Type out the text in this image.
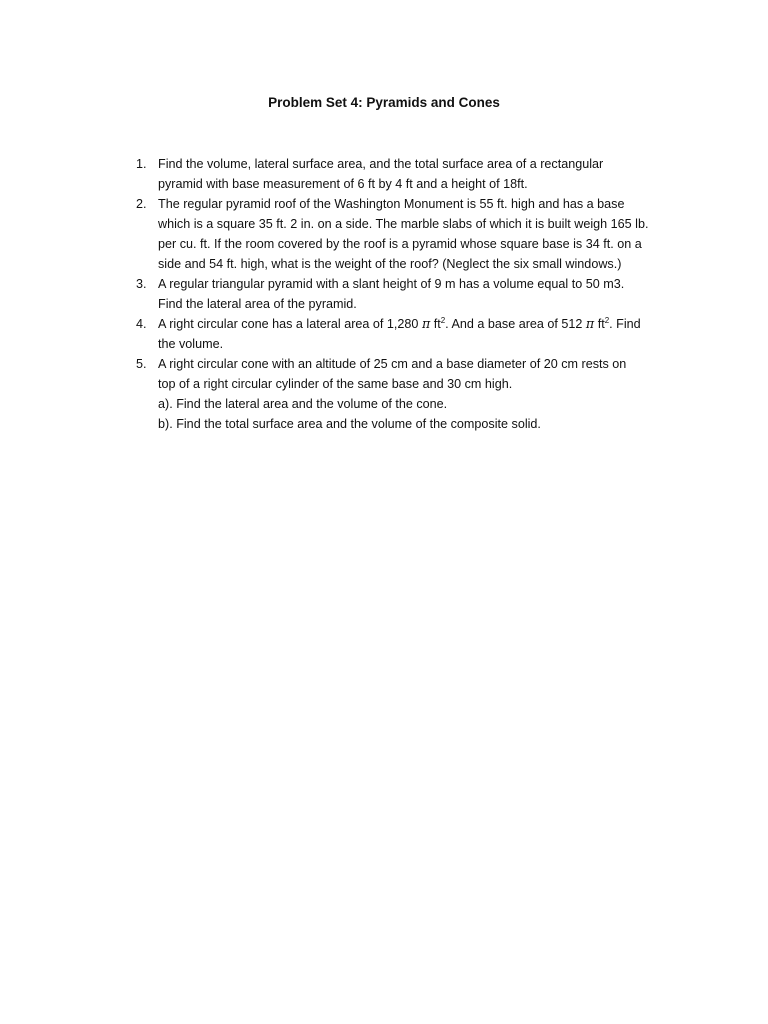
Problem Set 4: Pyramids and Cones
1. Find the volume, lateral surface area, and the total surface area of a rectangular
pyramid with base measurement of 6 ft by 4 ft and a height of 18ft.
2. The regular pyramid roof of the Washington Monument is 55 ft. high and has a base
which is a square 35 ft. 2 in. on a side. The marble slabs of which it is built weigh 165 lb.
per cu. ft. If the room covered by the roof is a pyramid whose square base is 34 ft. on a
side and 54 ft. high, what is the weight of the roof? (Neglect the six small windows.)
3. A regular triangular pyramid with a slant height of 9 m has a volume equal to 50 m3.
Find the lateral area of the pyramid.
4. A right circular cone has a lateral area of 1,280 π $ft^2$. And a base area of 512 π $ft^2$. Find
the volume.
5. A right circular cone with an altitude of 25 cm and a base diameter of 20 cm rests on
top of a right circular cylinder of the same base and 30 cm high.
a). Find the lateral area and the volume of the cone.
b). Find the total surface area and the volume of the composite solid.
